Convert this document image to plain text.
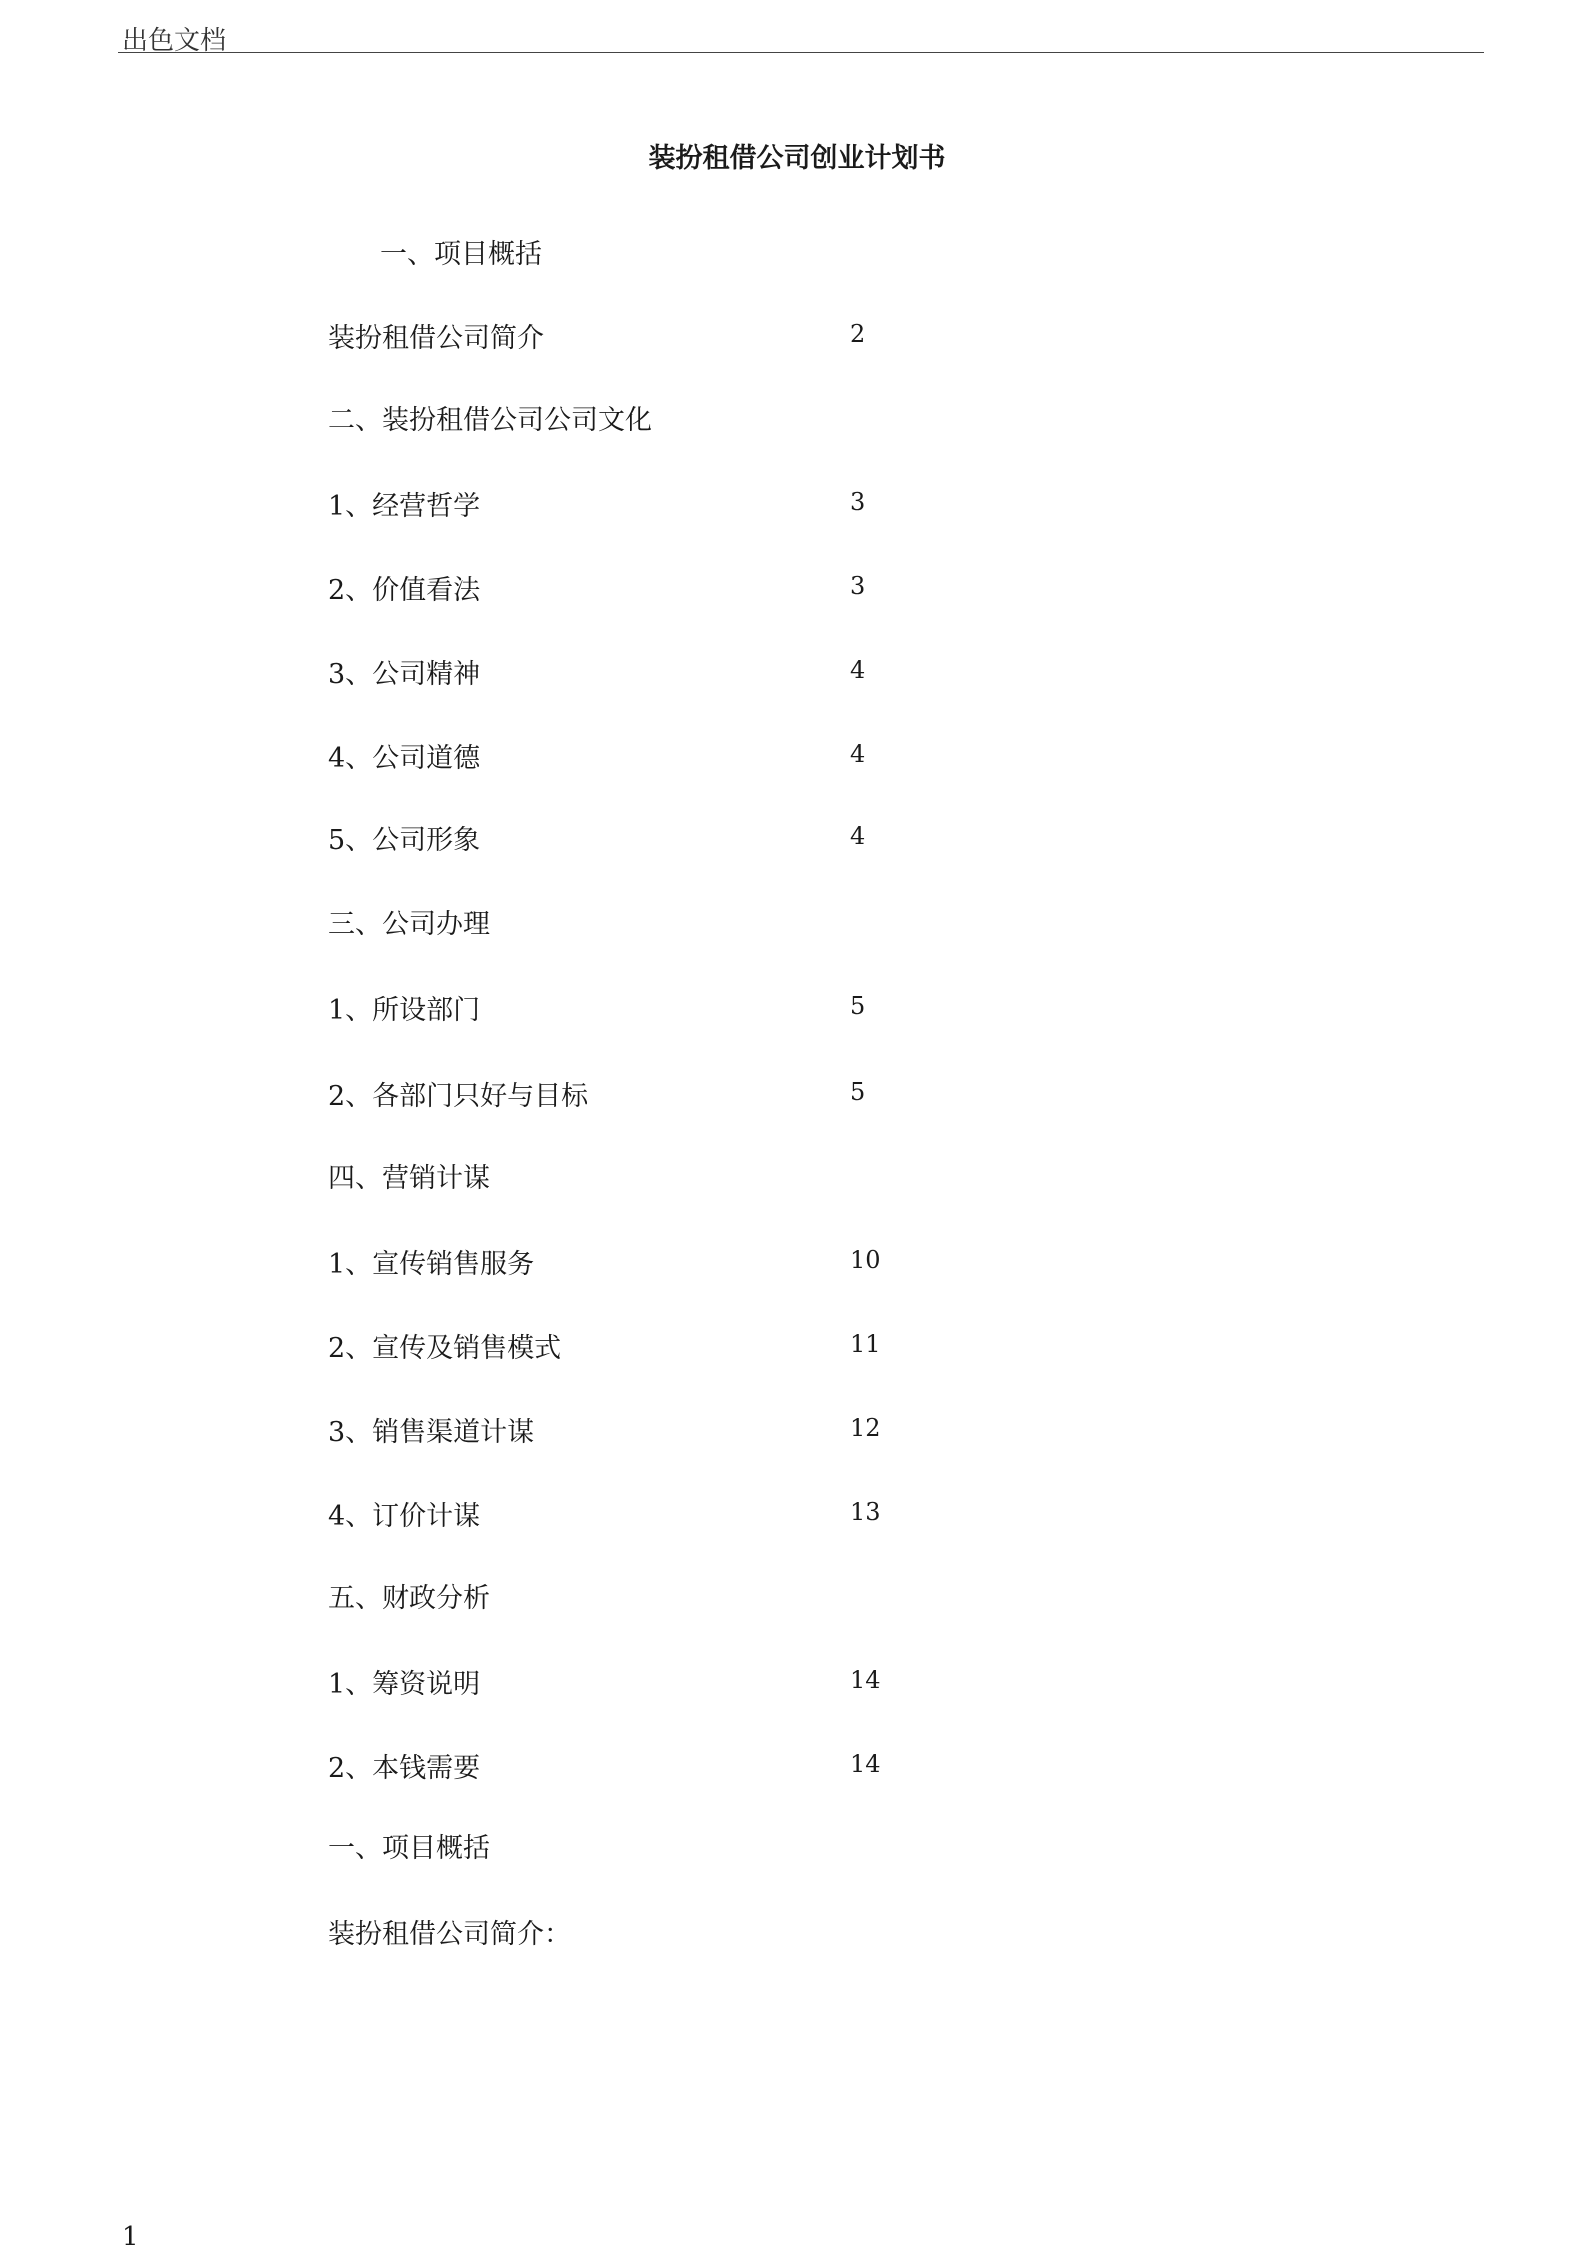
出色文档
装扮租借公司创业计划书
一、项目概括
装扮租借公司简介	2
二、装扮租借公司公司文化
1、经营哲学	3
2、价值看法	3
3、公司精神	4
4、公司道德	4
5、公司形象	4
三、公司办理
1、所设部门	5
2、各部门只好与目标	5
四、营销计谋
1、宣传销售服务	10
2、宣传及销售模式	11
3、销售渠道计谋	12
4、订价计谋	13
五、财政分析
1、筹资说明	14
2、本钱需要	14
一、项目概括
装扮租借公司简介：
1
